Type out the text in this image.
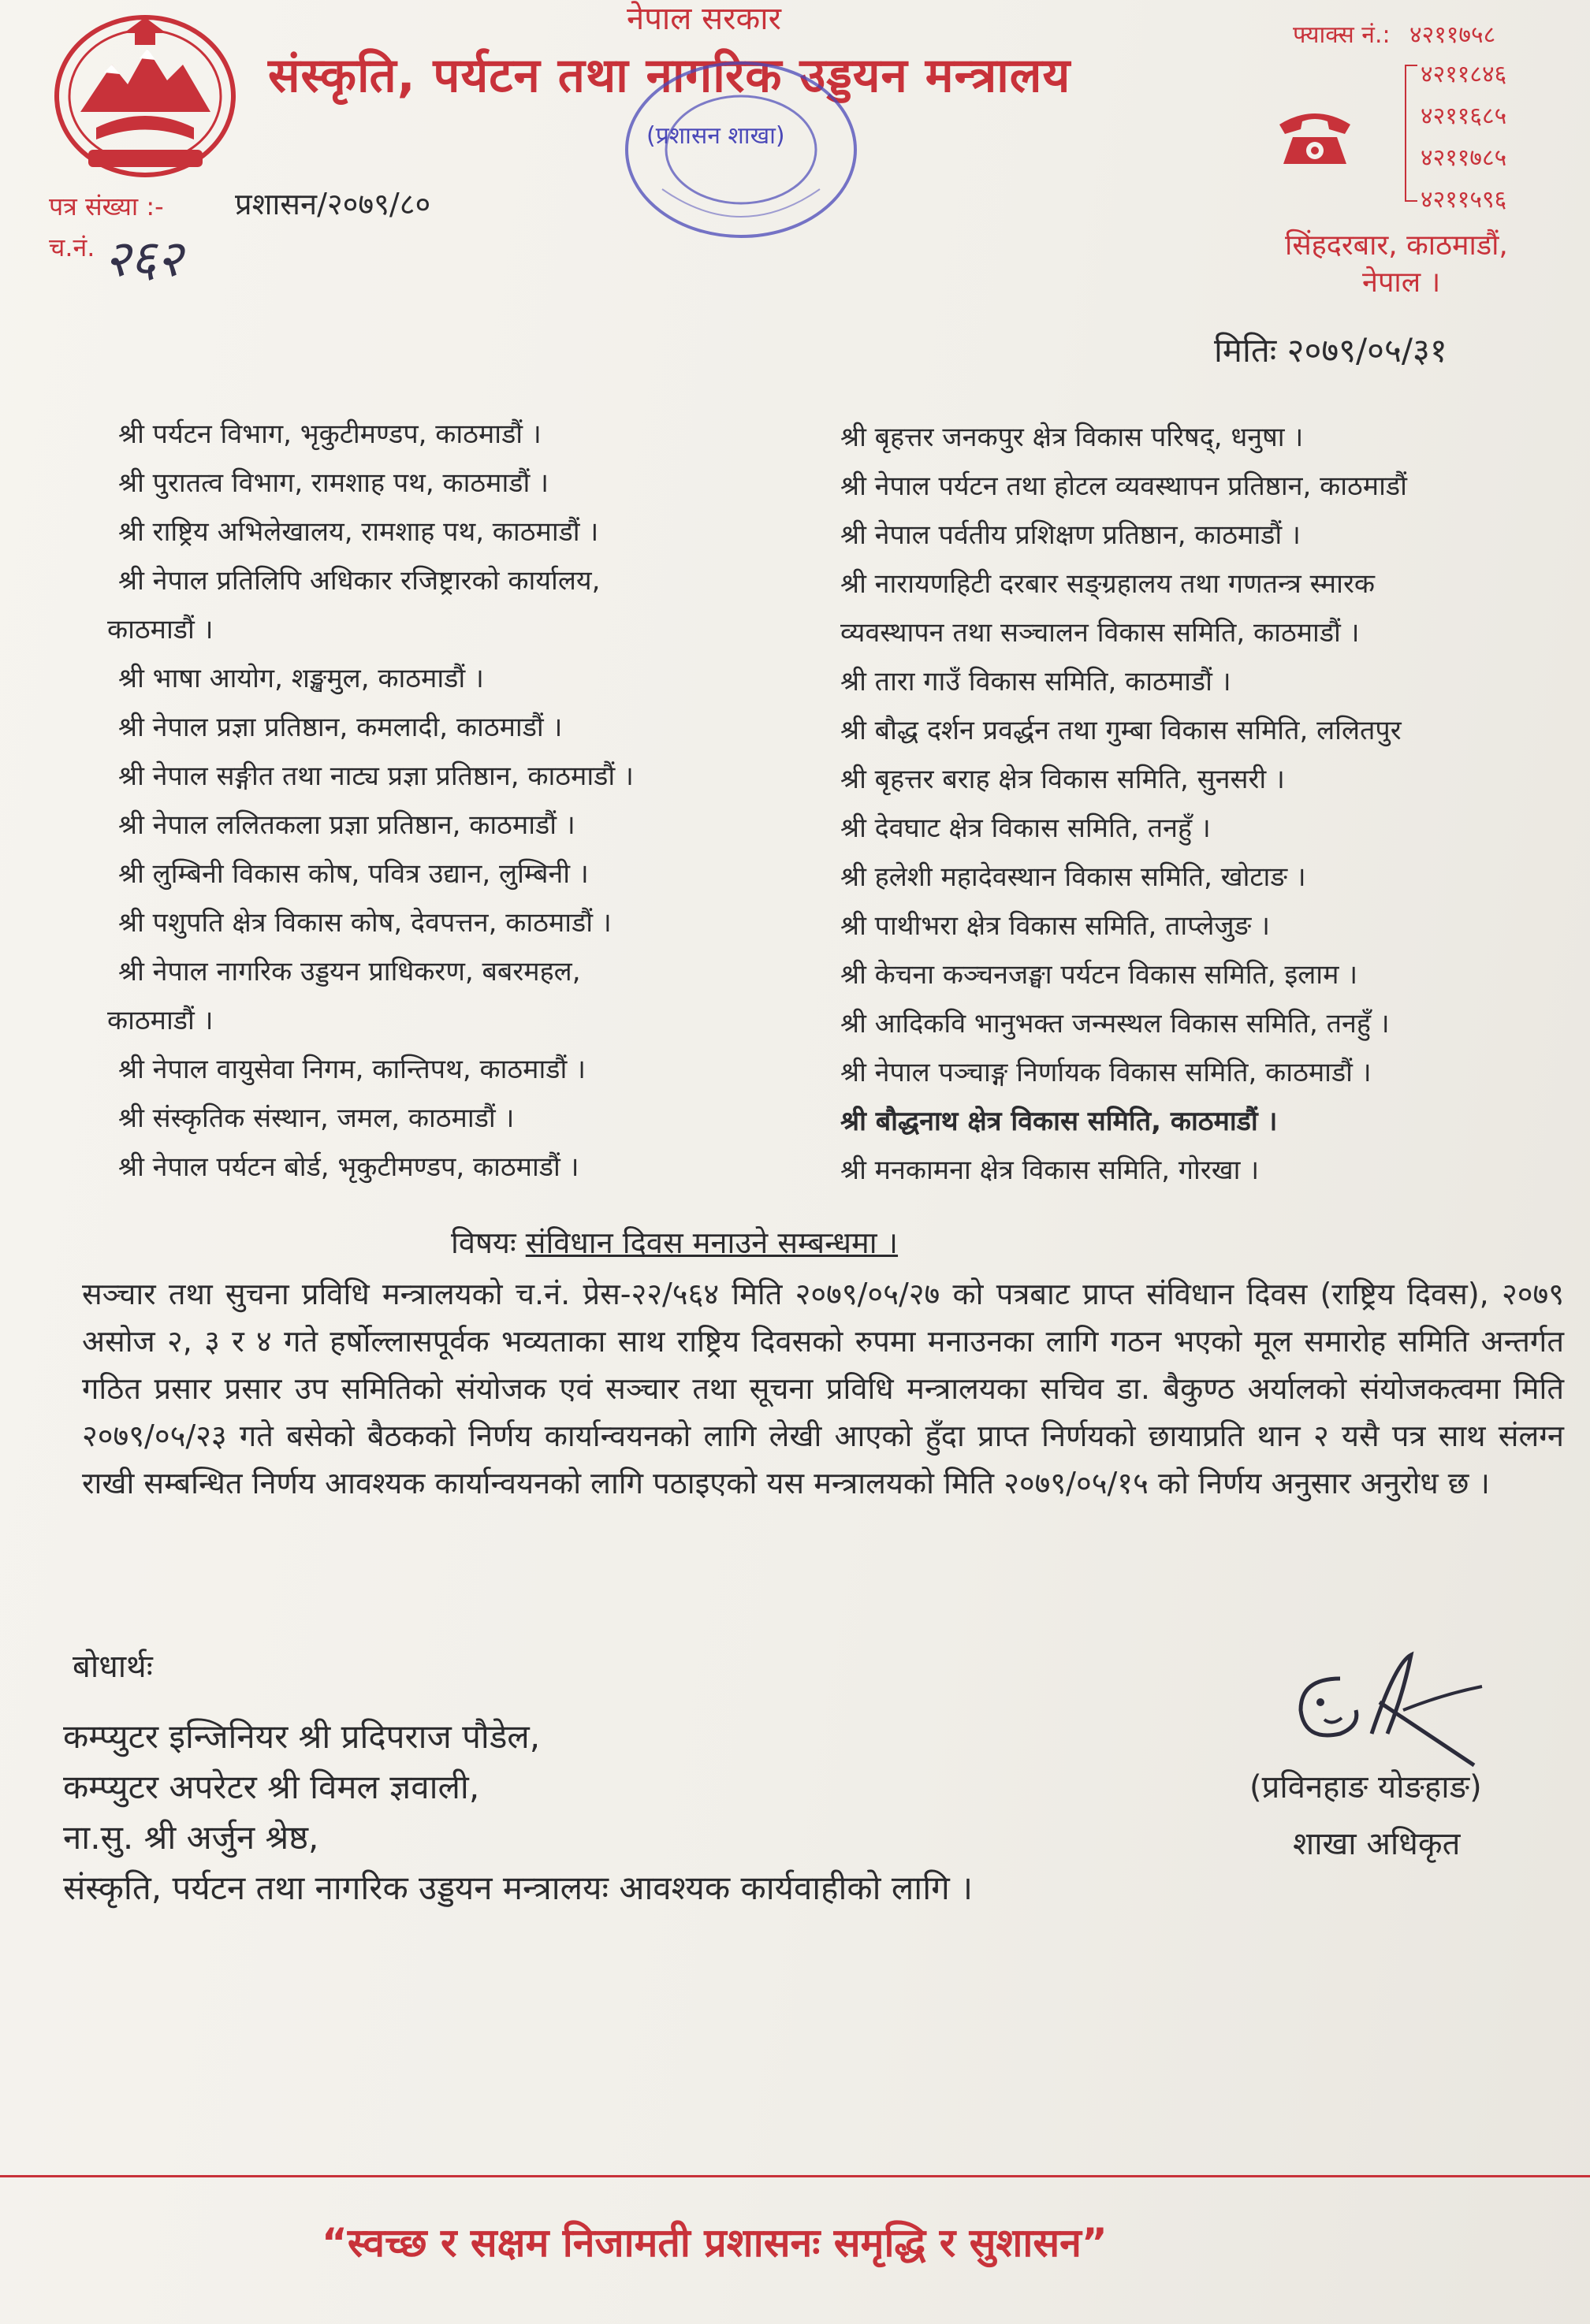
नेपाल सरकार
संस्कृति, पर्यटन तथा नागरिक उड्डयन मन्त्रालय
(प्रशासन शाखा)
फ्याक्स नं.: ४२११७५८
४२११८४६
४२११६८५
४२११७८५
४२११५९६
सिंहदरबार, काठमाडौं,
नेपाल ।
पत्र संख्या :- प्रशासन/२०७९/८०
च.नं. २६२
मितिः २०७९/०५/३१
श्री पर्यटन विभाग, भृकुटीमण्डप, काठमाडौं ।
श्री पुरातत्व विभाग, रामशाह पथ, काठमाडौं ।
श्री राष्ट्रिय अभिलेखालय, रामशाह पथ, काठमाडौं ।
श्री नेपाल प्रतिलिपि अधिकार रजिष्ट्रारको कार्यालय,
काठमाडौं ।
श्री भाषा आयोग, शङ्खमुल, काठमाडौं ।
श्री नेपाल प्रज्ञा प्रतिष्ठान, कमलादी, काठमाडौं ।
श्री नेपाल सङ्गीत तथा नाट्य प्रज्ञा प्रतिष्ठान, काठमाडौं ।
श्री नेपाल ललितकला प्रज्ञा प्रतिष्ठान, काठमाडौं ।
श्री लुम्बिनी विकास कोष, पवित्र उद्यान, लुम्बिनी ।
श्री पशुपति क्षेत्र विकास कोष, देवपत्तन, काठमाडौं ।
श्री नेपाल नागरिक उड्डयन प्राधिकरण, बबरमहल,
काठमाडौं ।
श्री नेपाल वायुसेवा निगम, कान्तिपथ, काठमाडौं ।
श्री संस्कृतिक संस्थान, जमल, काठमाडौं ।
श्री नेपाल पर्यटन बोर्ड, भृकुटीमण्डप, काठमाडौं ।
श्री बृहत्तर जनकपुर क्षेत्र विकास परिषद्, धनुषा ।
श्री नेपाल पर्यटन तथा होटल व्यवस्थापन प्रतिष्ठान, काठमाडौं
श्री नेपाल पर्वतीय प्रशिक्षण प्रतिष्ठान, काठमाडौं ।
श्री नारायणहिटी दरबार सङ्ग्रहालय तथा गणतन्त्र स्मारक
व्यवस्थापन तथा सञ्चालन विकास समिति, काठमाडौं ।
श्री तारा गाउँ विकास समिति, काठमाडौं ।
श्री बौद्ध दर्शन प्रवर्द्धन तथा गुम्बा विकास समिति, ललितपुर
श्री बृहत्तर बराह क्षेत्र विकास समिति, सुनसरी ।
श्री देवघाट क्षेत्र विकास समिति, तनहुँ ।
श्री हलेशी महादेवस्थान विकास समिति, खोटाङ ।
श्री पाथीभरा क्षेत्र विकास समिति, ताप्लेजुङ ।
श्री केचना कञ्चनजङ्घा पर्यटन विकास समिति, इलाम ।
श्री आदिकवि भानुभक्त जन्मस्थल विकास समिति, तनहुँ ।
श्री नेपाल पञ्चाङ्ग निर्णायक विकास समिति, काठमाडौं ।
श्री बौद्धनाथ क्षेत्र विकास समिति, काठमाडौं ।
श्री मनकामना क्षेत्र विकास समिति, गोरखा ।
विषयः संविधान दिवस मनाउने सम्बन्धमा ।
सञ्चार तथा सुचना प्रविधि मन्त्रालयको च.नं. प्रेस-२२/५६४ मिति २०७९/०५/२७ को पत्रबाट प्राप्त संविधान दिवस (राष्ट्रिय दिवस), २०७९ असोज २, ३ र ४ गते हर्षोल्लासपूर्वक भव्यताका साथ राष्ट्रिय दिवसको रुपमा मनाउनका लागि गठन भएको मूल समारोह समिति अन्तर्गत गठित प्रसार प्रसार उप समितिको संयोजक एवं सञ्चार तथा सूचना प्रविधि मन्त्रालयका सचिव डा. बैकुण्ठ अर्यालको संयोजकत्वमा मिति २०७९/०५/२३ गते बसेको बैठकको निर्णय कार्यान्वयनको लागि लेखी आएको हुँदा प्राप्त निर्णयको छायाप्रति थान २ यसै पत्र साथ संलग्न राखी सम्बन्धित निर्णय आवश्यक कार्यान्वयनको लागि पठाइएको यस मन्त्रालयको मिति २०७९/०५/१५ को निर्णय अनुसार अनुरोध छ ।
बोधार्थः
कम्प्युटर इन्जिनियर श्री प्रदिपराज पौडेल,
कम्प्युटर अपरेटर श्री विमल ज्ञवाली,
ना.सु. श्री अर्जुन श्रेष्ठ,
संस्कृति, पर्यटन तथा नागरिक उड्डयन मन्त्रालयः आवश्यक कार्यवाहीको लागि ।
(प्रविनहाङ योङहाङ)
शाखा अधिकृत
“स्वच्छ र सक्षम निजामती प्रशासनः समृद्धि र सुशासन”
